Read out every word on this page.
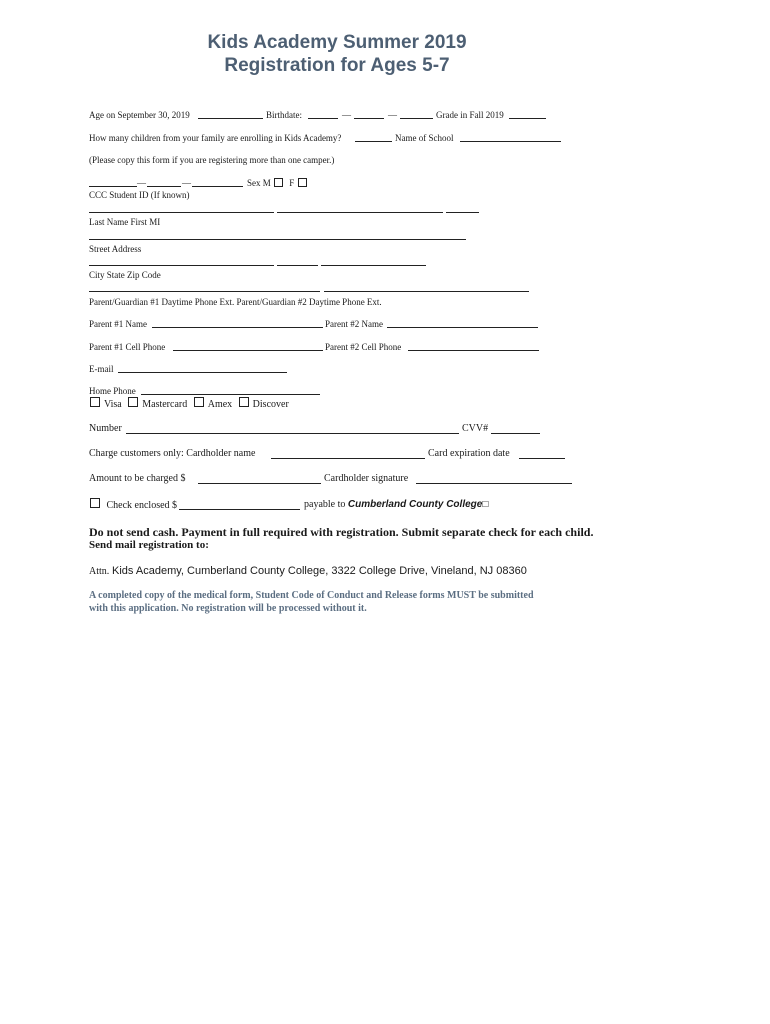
Kids Academy Summer 2019
Registration for Ages 5-7
Age on September 30, 2019	Birthdate:	—	—	Grade in Fall 2019
How many children from your family are enrolling in Kids Academy?	Name of School
(Please copy this form if you are registering more than one camper.)
—	—	Sex M F
CCC Student ID (If known)
Last Name First MI
Street Address
City State Zip Code
Parent/Guardian #1 Daytime Phone Ext. Parent/Guardian #2 Daytime Phone Ext.
Parent #1 Name	Parent #2 Name
Parent #1 Cell Phone	Parent #2 Cell Phone
E-mail
Home Phone
Visa Mastercard Amex Discover
Number	CVV#
Charge customers only: Cardholder name	Card expiration date
Amount to be charged $	Cardholder signature
Check enclosed $	payable to Cumberland County College□
Do not send cash. Payment in full required with registration. Submit separate check for each child.
Send mail registration to:
Attn. Kids Academy, Cumberland County College, 3322 College Drive, Vineland, NJ 08360
A completed copy of the medical form, Student Code of Conduct and Release forms MUST be submitted
with this application. No registration will be processed without it.
